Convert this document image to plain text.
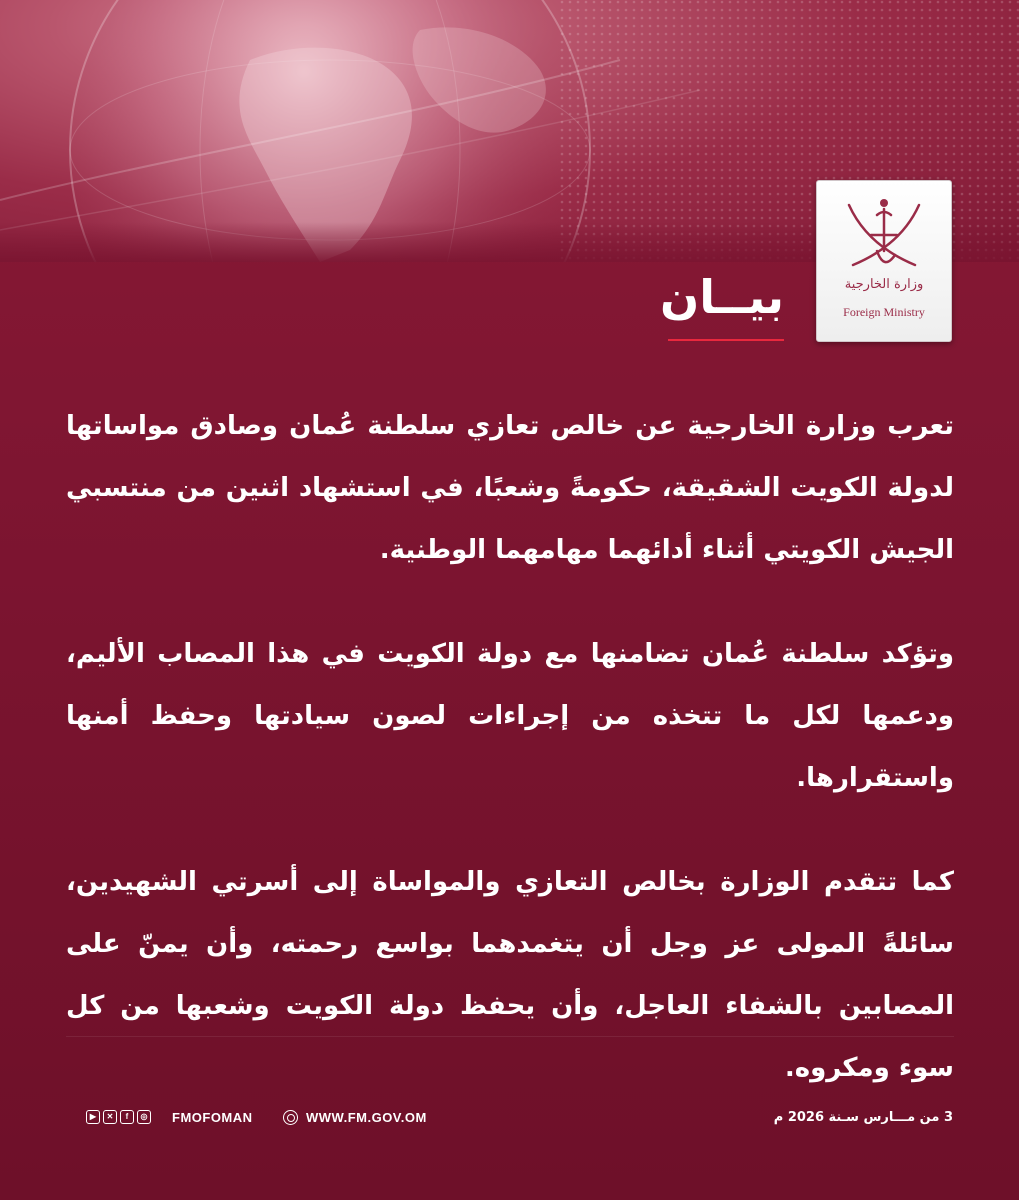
وزارة الخارجية
Foreign Ministry
بيــان

تعرب وزارة الخارجية عن خالص تعازي سلطنة عُمان وصادق مواساتها لدولة الكويت الشقيقة، حكومةً وشعبًا، في استشهاد اثنين من منتسبي الجيش الكويتي أثناء أدائهما مهامهما الوطنية.

وتؤكد سلطنة عُمان تضامنها مع دولة الكويت في هذا المصاب الأليم، ودعمها لكل ما تتخذه من إجراءات لصون سيادتها وحفظ أمنها واستقرارها.

كما تتقدم الوزارة بخالص التعازي والمواساة إلى أسرتي الشهيدين، سائلةً المولى عز وجل أن يتغمدهما بواسع رحمته، وأن يمنّ على المصابين بالشفاء العاجل، وأن يحفظ دولة الكويت وشعبها من كل سوء ومكروه.

▶	✕	f	◎ FMOFOMAN	WWW.FM.GOV.OM	3 من مـــارس سـنة 2026 م
